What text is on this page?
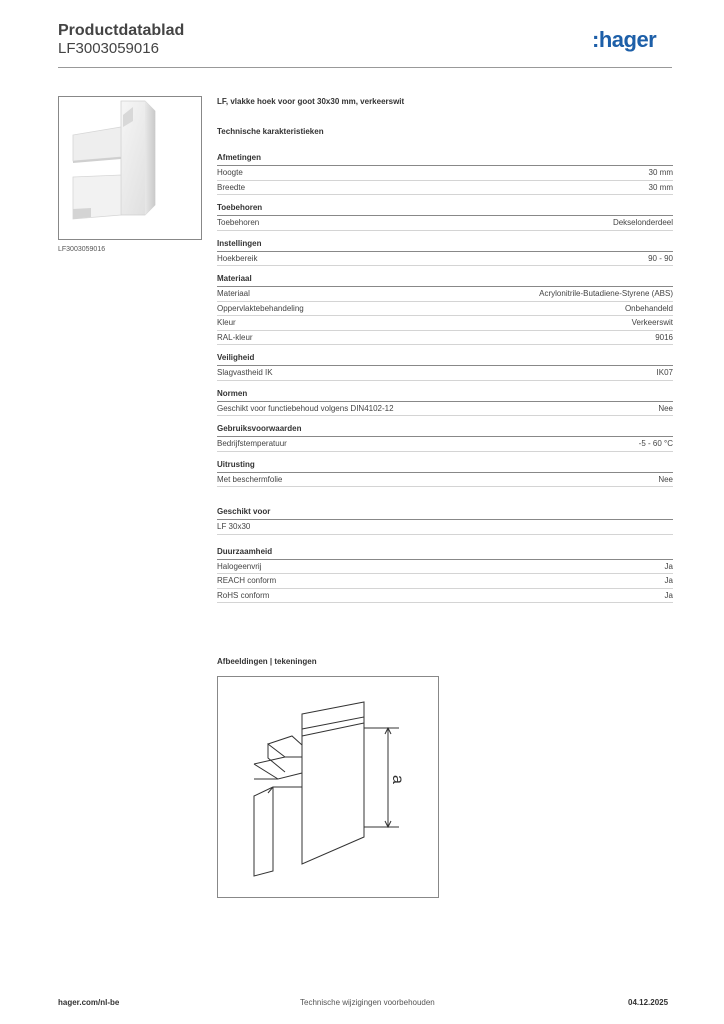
Productdatablad
LF3003059016	:hager
LF3003059016
LF, vlakke hoek voor goot 30x30 mm, verkeerswit
Technische karakteristieken
Afmetingen
Hoogte	30 mm
Breedte	30 mm
Toebehoren
Toebehoren	Dekselonderdeel
Instellingen
Hoekbereik	90 - 90
Materiaal
Materiaal	Acrylonitrile-Butadiene-Styrene (ABS)
Oppervlaktebehandeling	Onbehandeld
Kleur	Verkeerswit
RAL-kleur	9016
Veiligheid
Slagvastheid IK	IK07
Normen
Geschikt voor functiebehoud volgens DIN4102-12	Nee
Gebruiksvoorwaarden
Bedrijfstemperatuur	-5 - 60 °C
Uitrusting
Met beschermfolie	Nee
Geschikt voor
LF 30x30
Duurzaamheid
Halogeenvrij	Ja
REACH conform	Ja
RoHS conform	Ja
Afbeeldingen | tekeningen
a
hager.com/nl-be	Technische wijzigingen voorbehouden	04.12.2025
